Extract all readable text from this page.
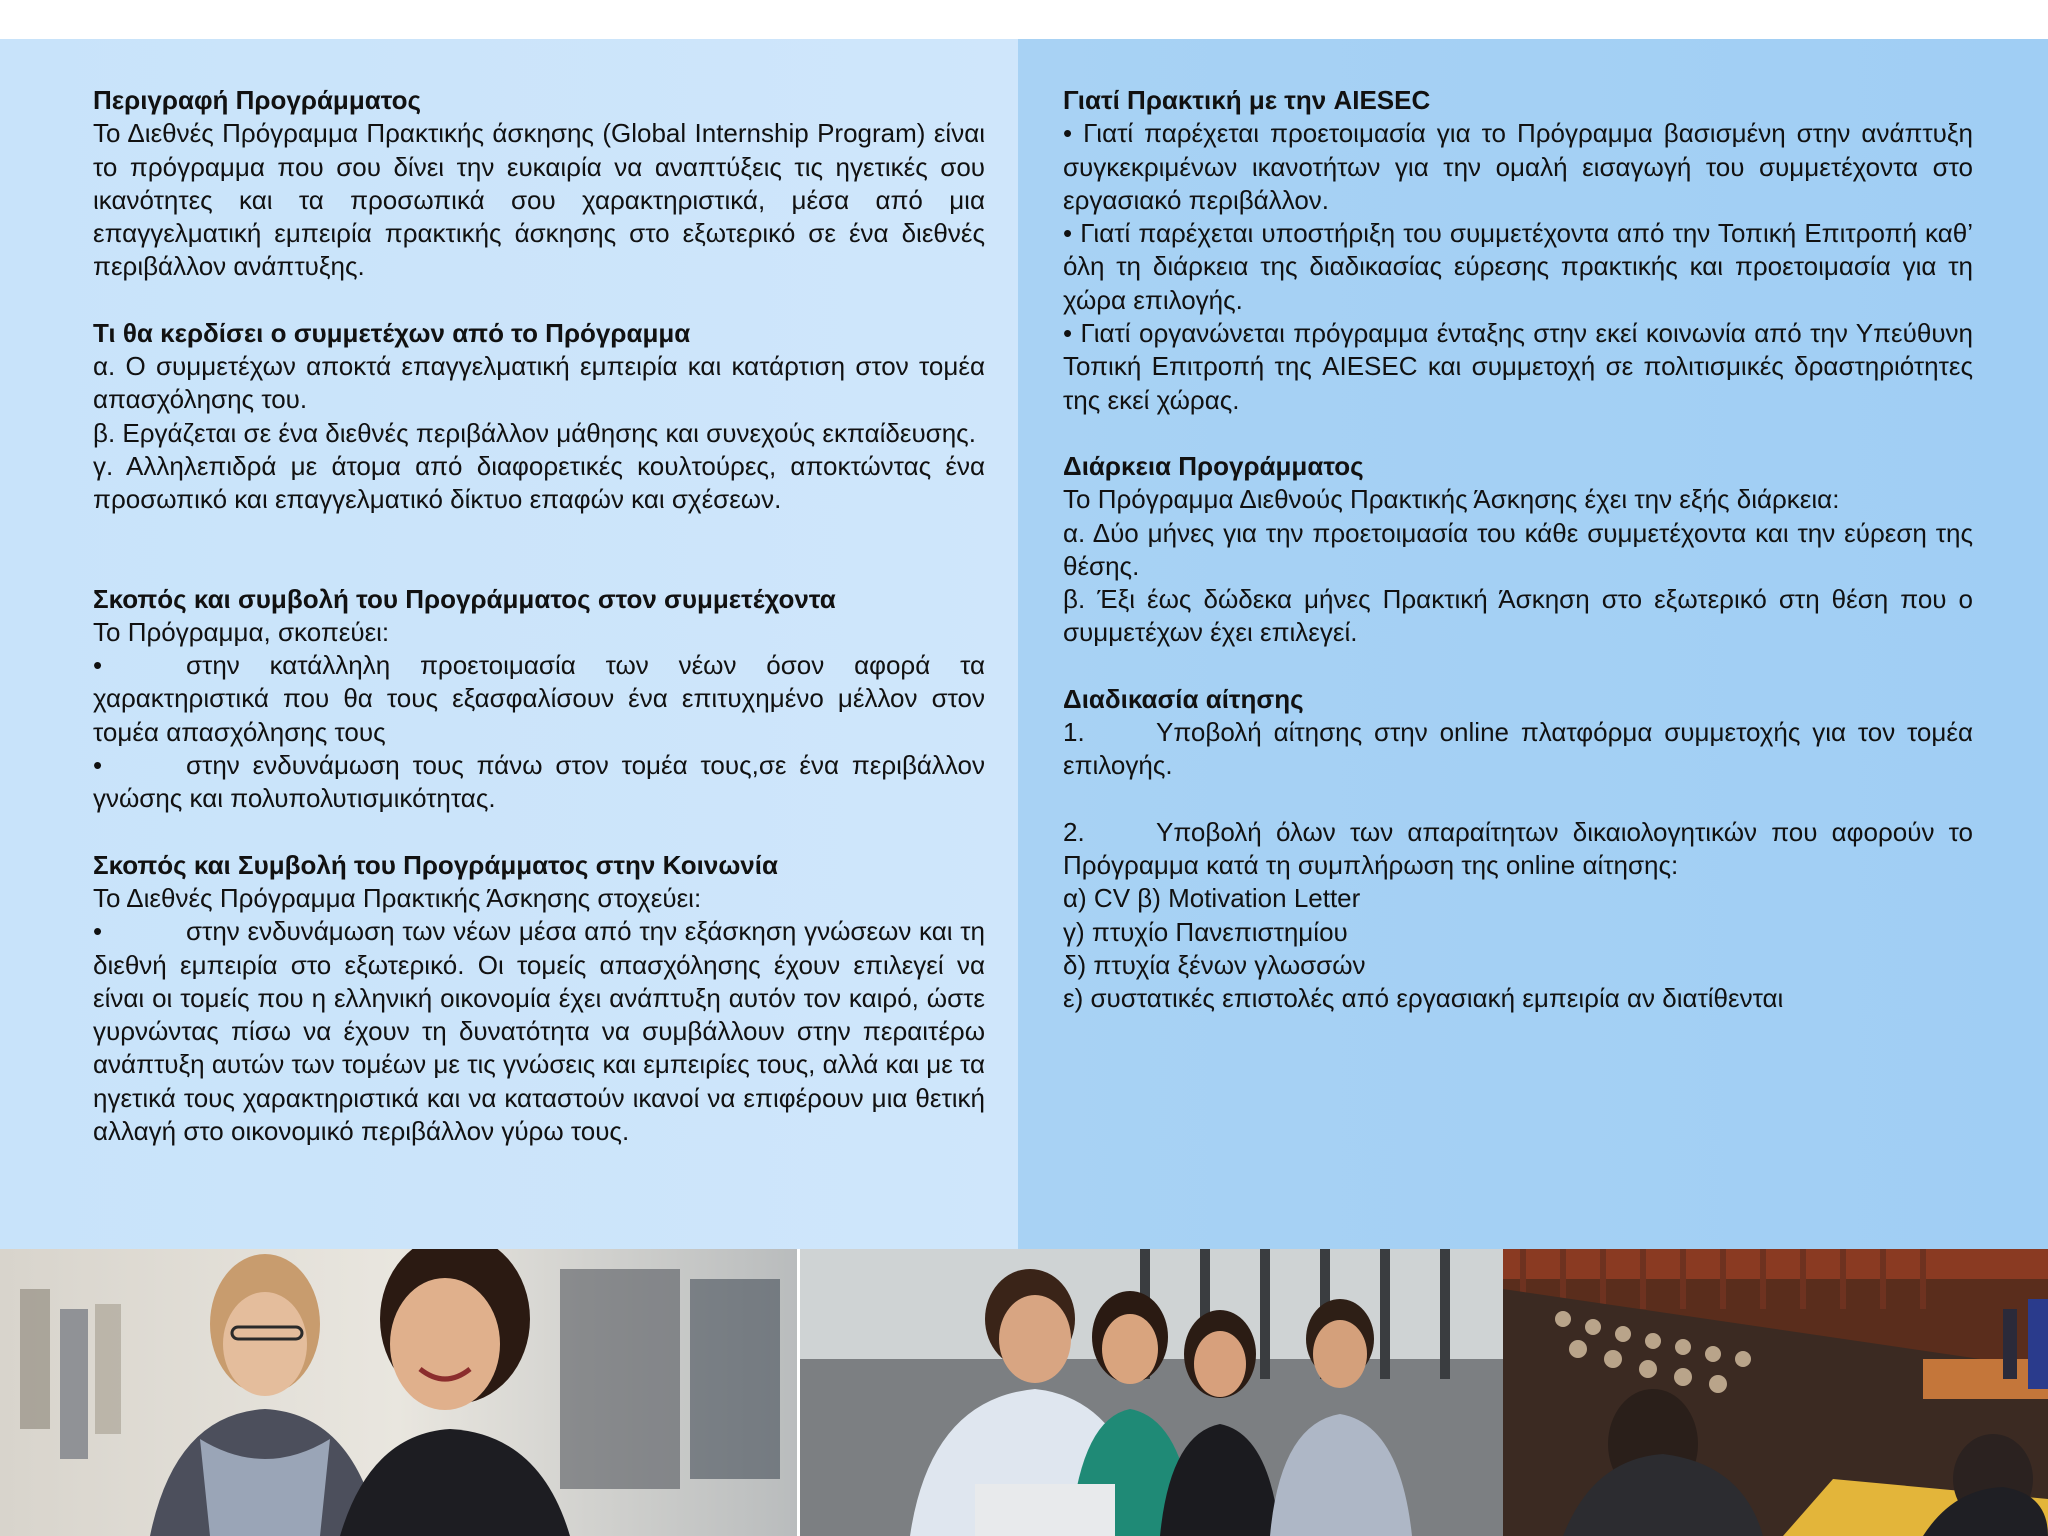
Περιγραφή Προγράμματος
Το Διεθνές Πρόγραμμα Πρακτικής άσκησης (Global Internship Program) είναι το πρόγραμμα που σου δίνει την ευκαιρία να αναπτύξεις τις ηγετικές σου ικανότητες και τα προσωπικά σου χαρακτηριστικά, μέσα από μια επαγγελματική εμπειρία πρακτικής άσκησης στο εξωτερικό σε ένα διεθνές περιβάλλον ανάπτυξης.
Τι θα κερδίσει ο συμμετέχων από το Πρόγραμμα
α. Ο συμμετέχων αποκτά επαγγελματική εμπειρία και κατάρτιση στον τομέα απασχόλησης του.
β. Εργάζεται σε ένα διεθνές περιβάλλον μάθησης και συνεχούς εκπαίδευσης.
γ. Αλληλεπιδρά με άτομα από διαφορετικές κουλτούρες, αποκτώντας ένα προσωπικό και επαγγελματικό δίκτυο επαφών και σχέσεων.
Σκοπός και συμβολή του Προγράμματος στον συμμετέχοντα
Το Πρόγραμμα, σκοπεύει:
•	στην κατάλληλη προετοιμασία των νέων όσον αφορά τα χαρακτηριστικά που θα τους εξασφαλίσουν ένα επιτυχημένο μέλλον στον τομέα απασχόλησης τους
•	στην ενδυνάμωση τους πάνω στον τομέα τους,σε ένα περιβάλλον γνώσης και πολυπολυτισμικότητας.
Σκοπός και Συμβολή του Προγράμματος στην Κοινωνία
Το Διεθνές Πρόγραμμα Πρακτικής Άσκησης στοχεύει:
•	στην ενδυνάμωση των νέων μέσα από την εξάσκηση γνώσεων και τη διεθνή εμπειρία στο εξωτερικό. Οι τομείς απασχόλησης έχουν επιλεγεί να είναι οι τομείς που η ελληνική οικονομία έχει ανάπτυξη αυτόν τον καιρό, ώστε γυρνώντας πίσω να έχουν τη δυνατότητα να συμβάλλουν στην περαιτέρω ανάπτυξη αυτών των τομέων με τις γνώσεις και εμπειρίες τους, αλλά και με τα ηγετικά τους χαρακτηριστικά και να καταστούν ικανοί να επιφέρουν μια θετική αλλαγή στο οικονομικό περιβάλλον γύρω τους.
Γιατί Πρακτική με την AIESEC
• Γιατί παρέχεται προετοιμασία για το Πρόγραμμα βασισμένη στην ανάπτυξη συγκεκριμένων ικανοτήτων για την ομαλή εισαγωγή του συμμετέχοντα στο εργασιακό περιβάλλον.
• Γιατί παρέχεται υποστήριξη του συμμετέχοντα από την Τοπική Επιτροπή καθ’ όλη τη διάρκεια της διαδικασίας εύρεσης πρακτικής και προετοιμασία για τη χώρα επιλογής.
• Γιατί οργανώνεται πρόγραμμα ένταξης στην εκεί κοινωνία από την Υπεύθυνη Τοπική Επιτροπή της AIESEC και συμμετοχή σε πολιτισμικές δραστηριότητες της εκεί χώρας.
Διάρκεια Προγράμματος
Το Πρόγραμμα Διεθνούς Πρακτικής Άσκησης έχει την εξής διάρκεια:
α. Δύο μήνες για την προετοιμασία του κάθε συμμετέχοντα και την εύρεση της θέσης.
β. Έξι έως δώδεκα μήνες Πρακτική Άσκηση στο εξωτερικό στη θέση που ο συμμετέχων έχει επιλεγεί.
Διαδικασία αίτησης
1.	Υποβολή αίτησης στην online πλατφόρμα συμμετοχής για τον τομέα επιλογής.
2.	Υποβολή όλων των απαραίτητων δικαιολογητικών που αφορούν το Πρόγραμμα κατά τη συμπλήρωση της online αίτησης:
α) CV β) Motivation Letter
γ) πτυχίο Πανεπιστημίου
δ) πτυχία ξένων γλωσσών
ε) συστατικές επιστολές από εργασιακή εμπειρία αν διατίθενται
